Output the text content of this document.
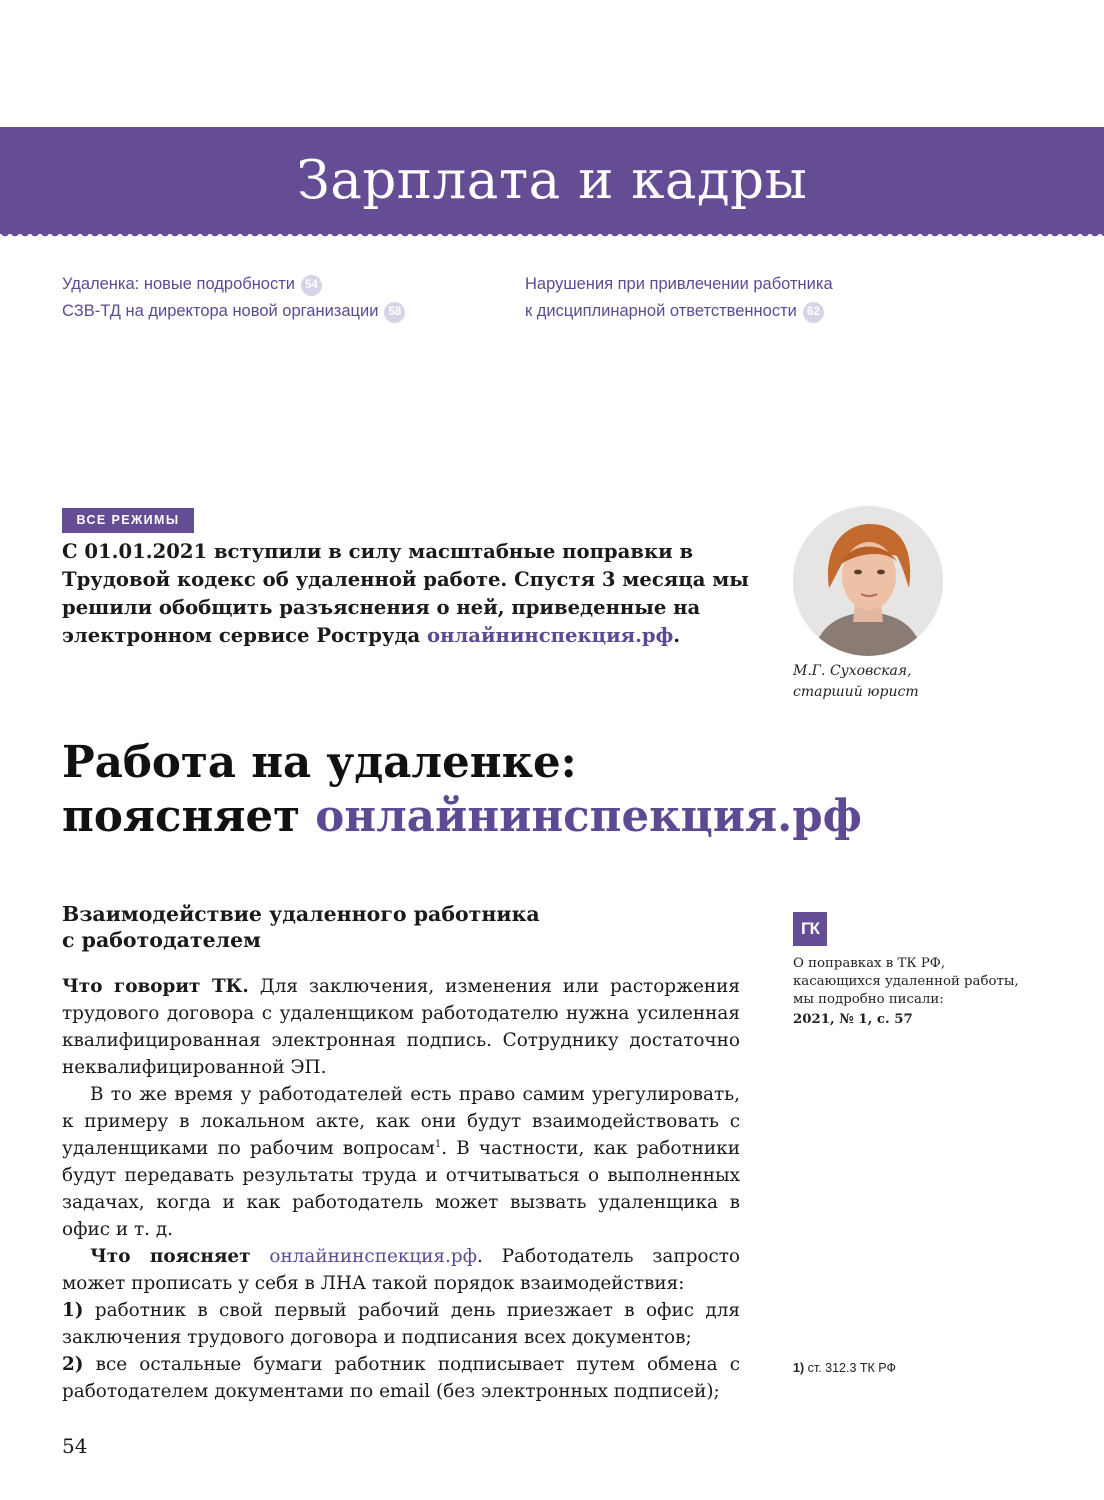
Зарплата и кадры
Удаленка: новые подробности 54
СЗВ-ТД на директора новой организации 58
Нарушения при привлечении работника
к дисциплинарной ответственности 62
ВСЕ РЕЖИМЫ
С 01.01.2021 вступили в силу масштабные поправки в Трудовой кодекс об удаленной работе. Спустя 3 месяца мы решили обобщить разъяснения о ней, приведенные на электронном сервисе Роструда онлайнинспекция.рф.
М.Г. Суховская,
старший юрист
Работа на удаленке:
поясняет онлайнинспекция.рф
Взаимодействие удаленного работника
с работодателем

Что говорит ТК. Для заключения, изменения или расторжения трудового договора с удаленщиком работодателю нужна усиленная квалифицированная электронная подпись. Сотруднику достаточно неквалифицированной ЭП.

В то же время у работодателей есть право самим урегулировать, к примеру в локальном акте, как они будут взаимодействовать с удаленщиками по рабочим вопросам$^1$. В частности, как работники будут передавать результаты труда и отчитываться о выполненных задачах, когда и как работодатель может вызвать удаленщика в офис и т. д.

Что поясняет онлайнинспекция.рф. Работодатель запросто может прописать у себя в ЛНА такой порядок взаимодействия:

1) работник в свой первый рабочий день приезжает в офис для заключения трудового договора и подписания всех документов;

2) все остальные бумаги работник подписывает путем обмена с работодателем документами по email (без электронных подписей);

ГК
О поправках в ТК РФ, касающихся удаленной работы, мы подробно писали:
2021, № 1, с. 57
1) ст. 312.3 ТК РФ
54
